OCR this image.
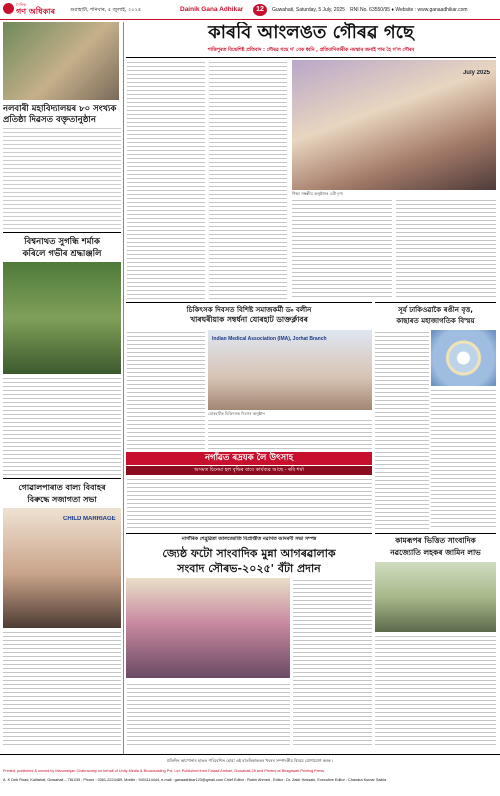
দৈনিক
গণ অধিকাৰ	গুৱাহাটী, শনিবাৰ, ৫ জুলাই, ২০২৫	Dainik Gana Adhikar	12	Guwahati, Saturday, 5 July, 2025 RNI No. 63550/95 ♦ Website : www.ganaadhikar.com
নলবাৰী মহাবিদ্যালয়ৰ ৮০ সংখ্যক
প্ৰতিষ্ঠা দিৱসত বক্তৃতানুষ্ঠান
কাৰবি আংলঙত গৌৰৱ গছে
শান্তিপুৰত বিভেশিষ্ট প্ৰতিবাদ : গৌৰৱ গছে গ' বেক ধ্বনি , প্ৰতিবাদিকাৰীক নমস্কাৰ জনাই পাৰ হৈ গ'ল গৌৰব
July 2025
শিক্ষা সম্বন্ধীয় অনুষ্ঠানৰ এটা দৃশ্য
বিশ্বনাথত সুগন্ধি শৰ্মাক
কৰিলে গভীৰ শ্ৰদ্ধাঞ্জলি
চিকিৎসক দিবসত বিশিষ্ট সমাজকৰ্মী ড৹ বলীন
খাৰঘৰীয়াক সম্বৰ্ধনা যোৰহাট ডাক্তৰ্ক্লাবৰ
Indian Medical Association (IMA), Jorhat Branch
যোৰহাটত চিকিৎসক দিবসৰ অনুষ্ঠান
সূৰ্য ঢাকিওৱাকৈ ৰঙীন বৃত্ত,
কাছাৰত মহাজাগতিক বিস্ময়
নগাঁৱত ৰদ্ৰযক লৈ উৎসাহ
অসমত চিনেমা হল বৃদ্ধিৰ বাবে কাৰ্যব্যৱ আছে - ৰবি শৰ্মা
গোৱালপাৰাত বাল্য বিবাহৰ
বিৰুদ্ধে সজাগতা সভা
CHILD MARRIAGE
নাগাঁৰিক শেহ্ৰুৱিতা জালজ্যোতি বিপ্ৰাপ্তীত নৱাগত আদৰণী সভা সম্পন্ন
জ্যেষ্ঠ ফটো সাংবাদিক মুন্না আগৰৱালাক
সংবাদ সৌৰভ-২০২৫' বঁটা প্ৰদান
কামৰূপৰ ভিত্তিত সাংবাদিক
নৱজ্যোতি লহকৰ জামিন লাভ
প্ৰতিদিন আপোনাৰ হাতত পৰিবেশিত হোৱা এই বাতৰিকাকতৰ খবৰৰ সম্পাদকীয় বিষয়ে যোগাযোগ কৰক ।
Printed, published & owned by Manoranjan Chakravarty on behalf of Unity Media & Broadcasting Pvt. Ltd. Published from Fatasil Ambari, Guwahati-25 and Printed at Bhagawati Printing Press.
A. K Deb Road, Kalitahat, Guwahati – 781035 ; Phone : 0361-2224489, Mobile : 9401114444, e-mail : ganaadhikar123@gmail.com Chief Editor : Robin Ahmed , Editor : Dr. Zakir Hossain, Executive Editor : Chandra Kumar Saikia
